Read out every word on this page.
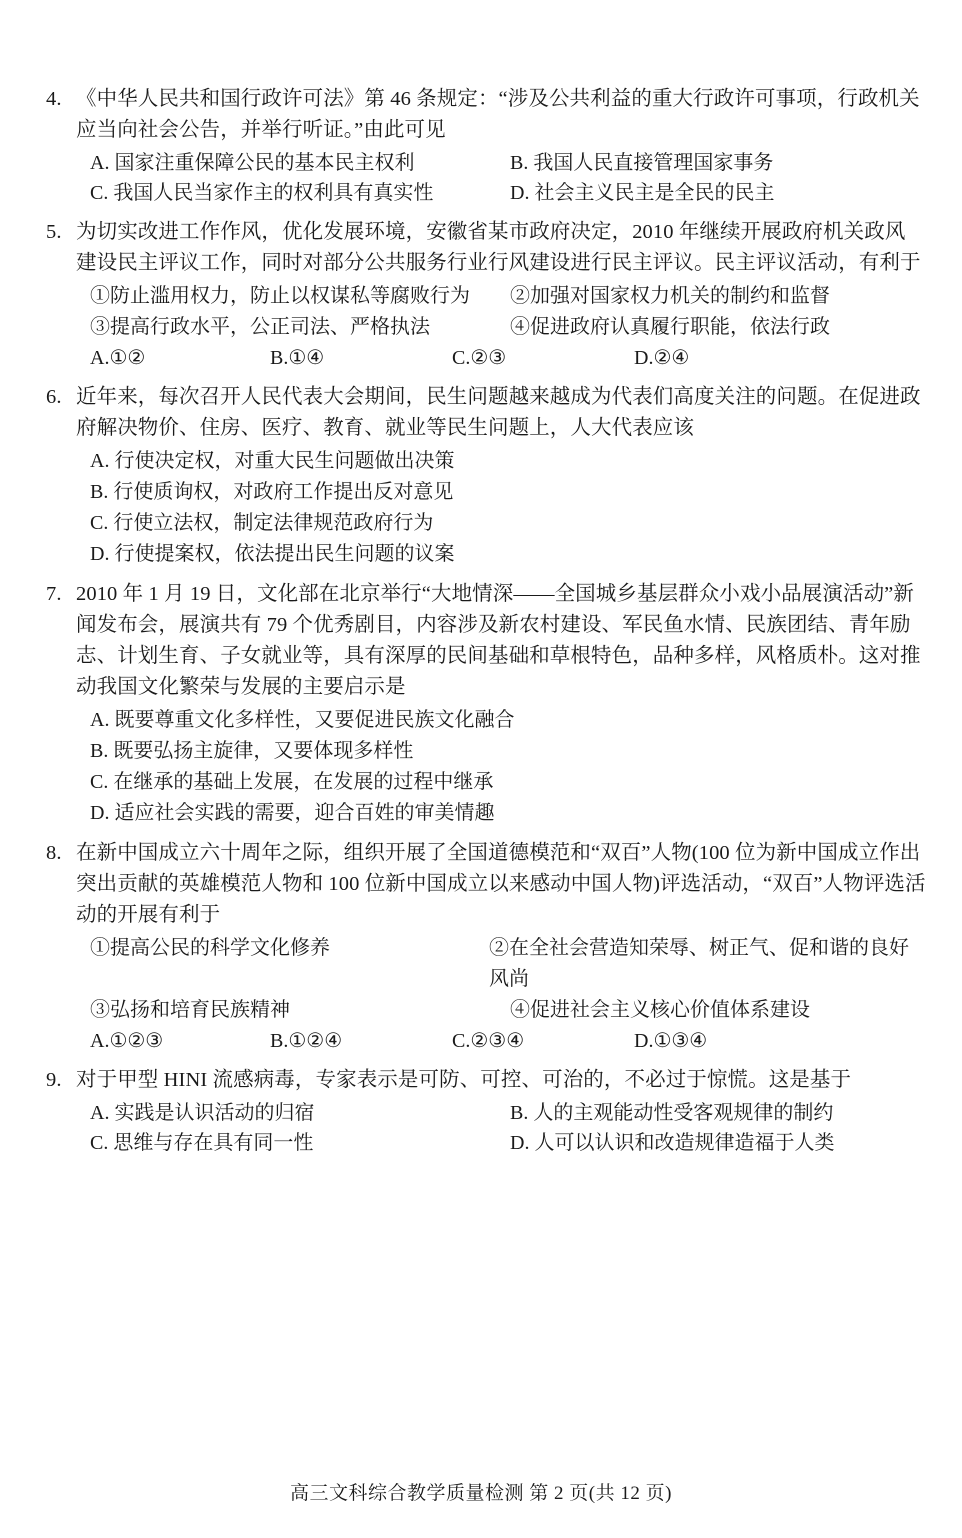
4. 《中华人民共和国行政许可法》第 46 条规定：“涉及公共利益的重大行政许可事项，行政机关应当向社会公告，并举行听证。”由此可见
A. 国家注重保障公民的基本民主权利	B. 我国人民直接管理国家事务
C. 我国人民当家作主的权利具有真实性	D. 社会主义民主是全民的民主
5. 为切实改进工作作风，优化发展环境，安徽省某市政府决定，2010 年继续开展政府机关政风建设民主评议工作，同时对部分公共服务行业行风建设进行民主评议。民主评议活动，有利于
①防止滥用权力，防止以权谋私等腐败行为	②加强对国家权力机关的制约和监督
③提高行政水平，公正司法、严格执法	④促进政府认真履行职能，依法行政
A.①②	B.①④	C.②③	D.②④
6. 近年来，每次召开人民代表大会期间，民生问题越来越成为代表们高度关注的问题。在促进政府解决物价、住房、医疗、教育、就业等民生问题上，人大代表应该
A. 行使决定权，对重大民生问题做出决策
B. 行使质询权，对政府工作提出反对意见
C. 行使立法权，制定法律规范政府行为
D. 行使提案权，依法提出民生问题的议案
7. 2010 年 1 月 19 日，文化部在北京举行“大地情深——全国城乡基层群众小戏小品展演活动”新闻发布会，展演共有 79 个优秀剧目，内容涉及新农村建设、军民鱼水情、民族团结、青年励志、计划生育、子女就业等，具有深厚的民间基础和草根特色，品种多样，风格质朴。这对推动我国文化繁荣与发展的主要启示是
A. 既要尊重文化多样性，又要促进民族文化融合
B. 既要弘扬主旋律，又要体现多样性
C. 在继承的基础上发展，在发展的过程中继承
D. 适应社会实践的需要，迎合百姓的审美情趣
8. 在新中国成立六十周年之际，组织开展了全国道德模范和“双百”人物(100 位为新中国成立作出突出贡献的英雄模范人物和 100 位新中国成立以来感动中国人物)评选活动，“双百”人物评选活动的开展有利于
①提高公民的科学文化修养	②在全社会营造知荣辱、树正气、促和谐的良好风尚
③弘扬和培育民族精神	④促进社会主义核心价值体系建设
A.①②③	B.①②④	C.②③④	D.①③④
9. 对于甲型 HINI 流感病毒，专家表示是可防、可控、可治的，不必过于惊慌。这是基于
A. 实践是认识活动的归宿	B. 人的主观能动性受客观规律的制约
C. 思维与存在具有同一性	D. 人可以认识和改造规律造福于人类
高三文科综合教学质量检测 第 2 页(共 12 页)
